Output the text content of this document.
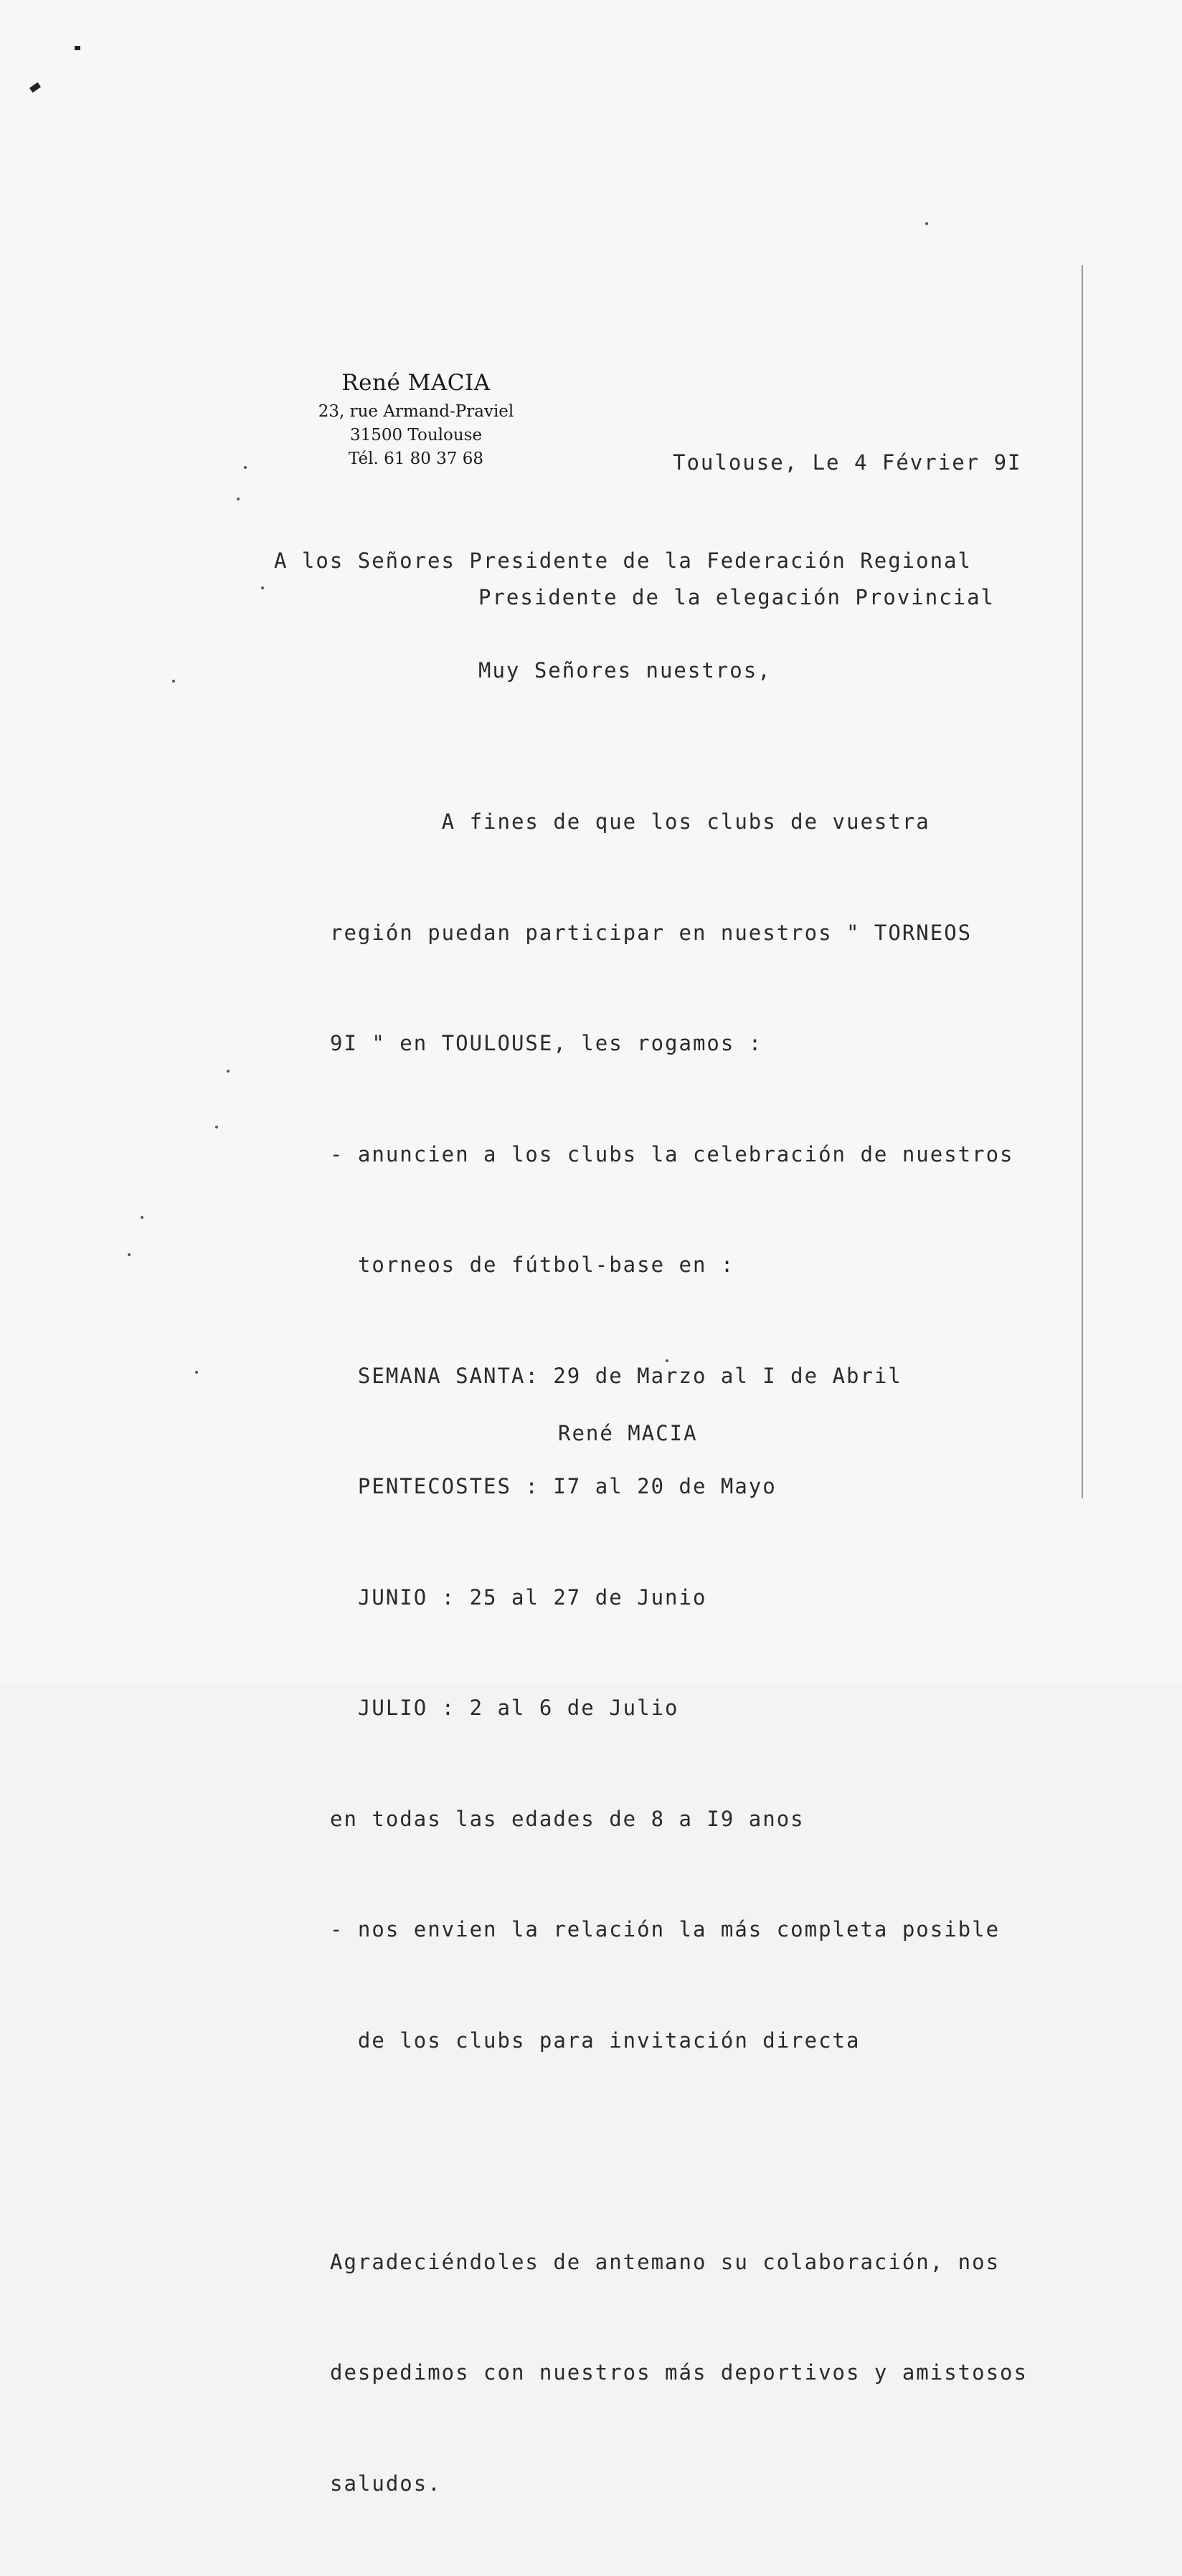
René MACIA
23, rue Armand-Praviel
31500 Toulouse
Tél. 61 80 37 68	Toulouse, Le 4 Février 9I
A los Señores Presidente de la Federación Regional
Presidente de la elegación Provincial
Muy Señores nuestros,

A fines de que los clubs de vuestra

región puedan participar en nuestros " TORNEOS

9I " en TOULOUSE, les rogamos :

- anuncien a los clubs la celebración de nuestros

torneos de fútbol-base en :

SEMANA SANTA: 29 de Marzo al I de Abril

PENTECOSTES : I7 al 20 de Mayo

JUNIO : 25 al 27 de Junio

JULIO : 2 al 6 de Julio

en todas las edades de 8 a I9 anos

- nos envien la relación la más completa posible

de los clubs para invitación directa

Agradeciéndoles de antemano su colaboración, nos

despedimos con nuestros más deportivos y amistosos

saludos.

René MACIA
